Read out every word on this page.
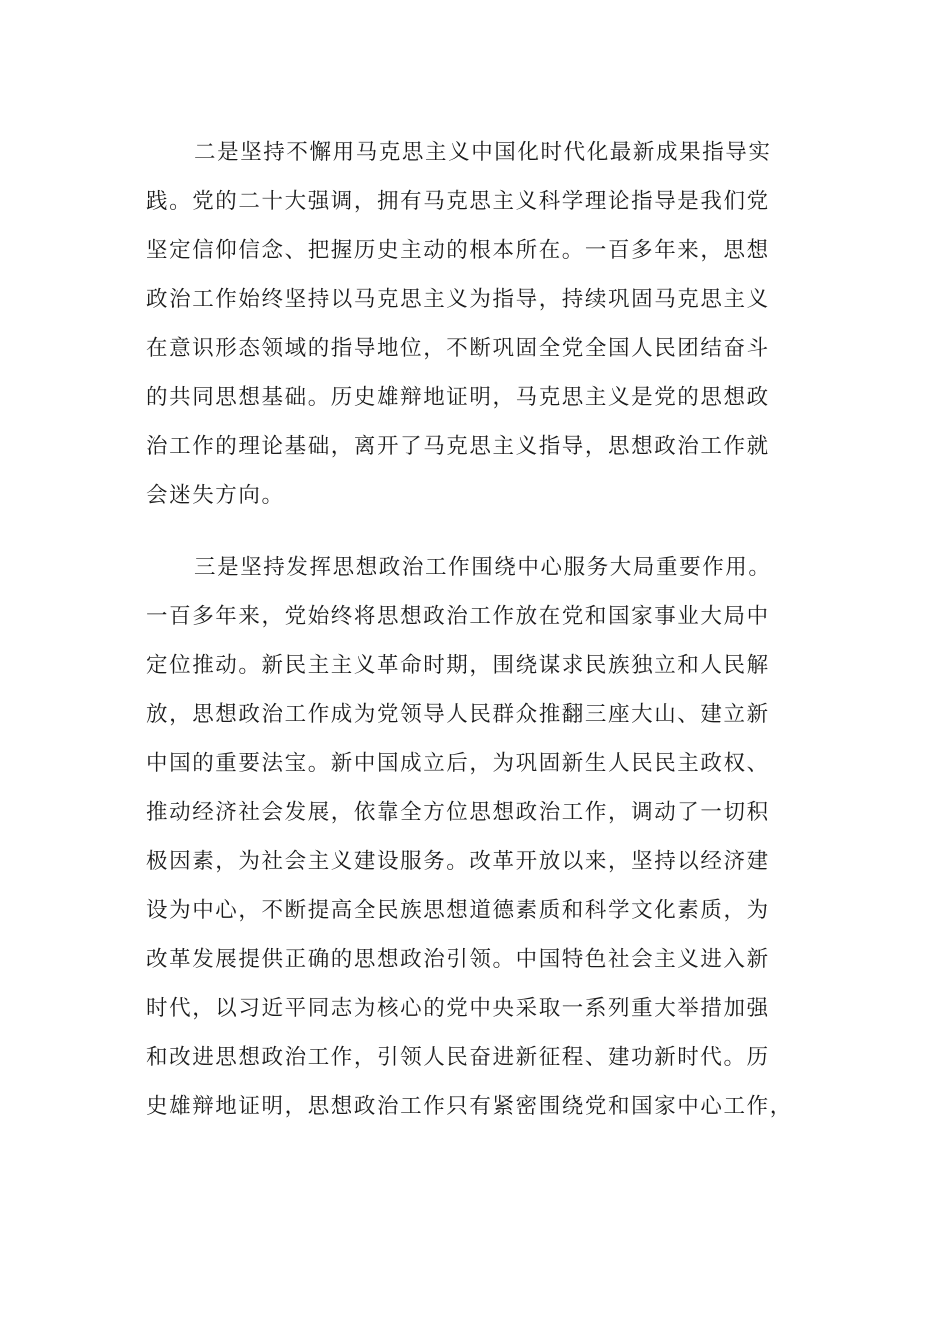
二是坚持不懈用马克思主义中国化时代化最新成果指导实
践。党的二十大强调，拥有马克思主义科学理论指导是我们党
坚定信仰信念、把握历史主动的根本所在。一百多年来，思想
政治工作始终坚持以马克思主义为指导，持续巩固马克思主义
在意识形态领域的指导地位，不断巩固全党全国人民团结奋斗
的共同思想基础。历史雄辩地证明，马克思主义是党的思想政
治工作的理论基础，离开了马克思主义指导，思想政治工作就
会迷失方向。
三是坚持发挥思想政治工作围绕中心服务大局重要作用。
一百多年来，党始终将思想政治工作放在党和国家事业大局中
定位推动。新民主主义革命时期，围绕谋求民族独立和人民解
放，思想政治工作成为党领导人民群众推翻三座大山、建立新
中国的重要法宝。新中国成立后，为巩固新生人民民主政权、
推动经济社会发展，依靠全方位思想政治工作，调动了一切积
极因素，为社会主义建设服务。改革开放以来，坚持以经济建
设为中心，不断提高全民族思想道德素质和科学文化素质，为
改革发展提供正确的思想政治引领。中国特色社会主义进入新
时代，以习近平同志为核心的党中央采取一系列重大举措加强
和改进思想政治工作，引领人民奋进新征程、建功新时代。历
史雄辩地证明，思想政治工作只有紧密围绕党和国家中心工作，
